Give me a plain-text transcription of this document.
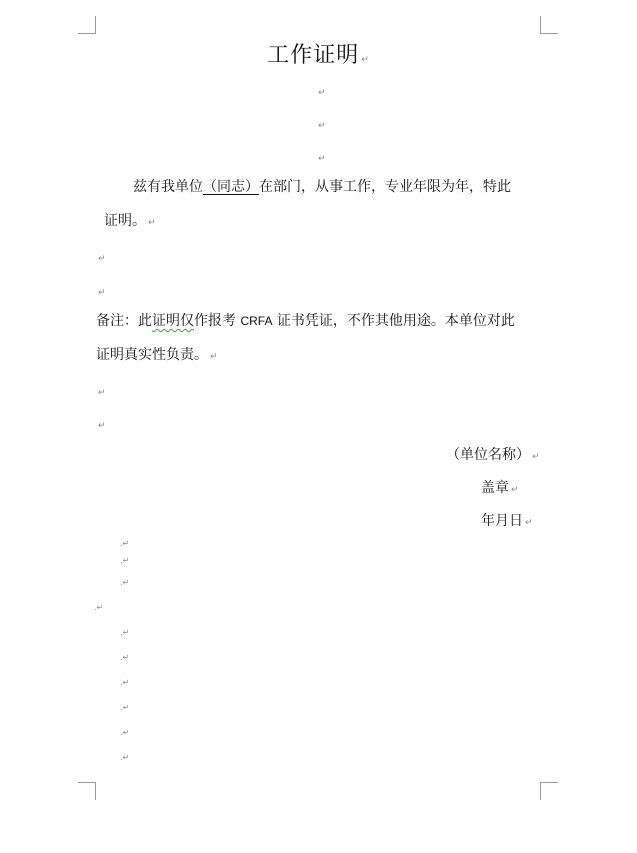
工作证明 ↵
↵
↵
↵
兹有我单位（同志）在部门，从事工作，专业年限为年，特此
证明。 ↵
↵
↵
备注：此证明仅作报考 CRFA 证书凭证，不作其他用途。本单位对此
证明真实性负责。 ↵
↵
↵
（单位名称） ↵
盖章 ↵
年月日 ↵
.↵
.↵
.↵
.↵
.↵
.↵
.↵
.↵
.↵
.↵
